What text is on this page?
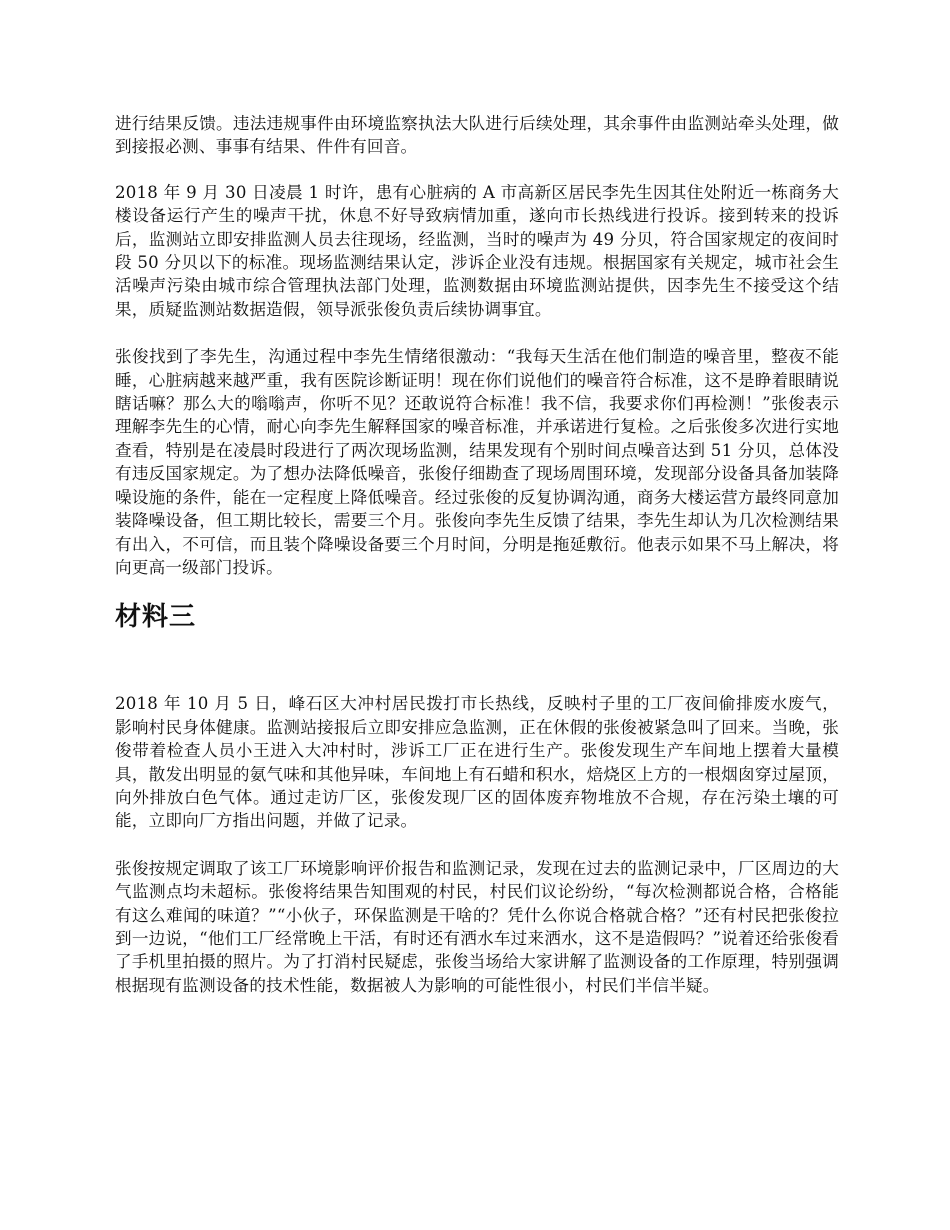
进行结果反馈。违法违规事件由环境监察执法大队进行后续处理，其余事件由监测站牵头处理，做到接报必测、事事有结果、件件有回音。

2018 年 9 月 30 日凌晨 1 时许，患有心脏病的 A 市高新区居民李先生因其住处附近一栋商务大楼设备运行产生的噪声干扰，休息不好导致病情加重，遂向市长热线进行投诉。接到转来的投诉后，监测站立即安排监测人员去往现场，经监测，当时的噪声为 49 分贝，符合国家规定的夜间时段 50 分贝以下的标准。现场监测结果认定，涉诉企业没有违规。根据国家有关规定，城市社会生活噪声污染由城市综合管理执法部门处理，监测数据由环境监测站提供，因李先生不接受这个结果，质疑监测站数据造假，领导派张俊负责后续协调事宜。

张俊找到了李先生，沟通过程中李先生情绪很激动：“我每天生活在他们制造的噪音里，整夜不能睡，心脏病越来越严重，我有医院诊断证明！现在你们说他们的噪音符合标准，这不是睁着眼睛说瞎话嘛？那么大的嗡嗡声，你听不见？还敢说符合标准！我不信，我要求你们再检测！”张俊表示理解李先生的心情，耐心向李先生解释国家的噪音标准，并承诺进行复检。之后张俊多次进行实地查看，特别是在凌晨时段进行了两次现场监测，结果发现有个别时间点噪音达到 51 分贝，总体没有违反国家规定。为了想办法降低噪音，张俊仔细勘查了现场周围环境，发现部分设备具备加装降噪设施的条件，能在一定程度上降低噪音。经过张俊的反复协调沟通，商务大楼运营方最终同意加装降噪设备，但工期比较长，需要三个月。张俊向李先生反馈了结果，李先生却认为几次检测结果有出入，不可信，而且装个降噪设备要三个月时间，分明是拖延敷衍。他表示如果不马上解决，将向更高一级部门投诉。

材料三

2018 年 10 月 5 日，峰石区大冲村居民拨打市长热线，反映村子里的工厂夜间偷排废水废气，影响村民身体健康。监测站接报后立即安排应急监测，正在休假的张俊被紧急叫了回来。当晚，张俊带着检查人员小王进入大冲村时，涉诉工厂正在进行生产。张俊发现生产车间地上摆着大量模具，散发出明显的氨气味和其他异味，车间地上有石蜡和积水，焙烧区上方的一根烟囱穿过屋顶，向外排放白色气体。通过走访厂区，张俊发现厂区的固体废弃物堆放不合规，存在污染土壤的可能，立即向厂方指出问题，并做了记录。

张俊按规定调取了该工厂环境影响评价报告和监测记录，发现在过去的监测记录中，厂区周边的大气监测点均未超标。张俊将结果告知围观的村民，村民们议论纷纷，“每次检测都说合格，合格能有这么难闻的味道？”“小伙子，环保监测是干啥的？凭什么你说合格就合格？”还有村民把张俊拉到一边说，“他们工厂经常晚上干活，有时还有洒水车过来洒水，这不是造假吗？”说着还给张俊看了手机里拍摄的照片。为了打消村民疑虑，张俊当场给大家讲解了监测设备的工作原理，特别强调根据现有监测设备的技术性能，数据被人为影响的可能性很小，村民们半信半疑。
